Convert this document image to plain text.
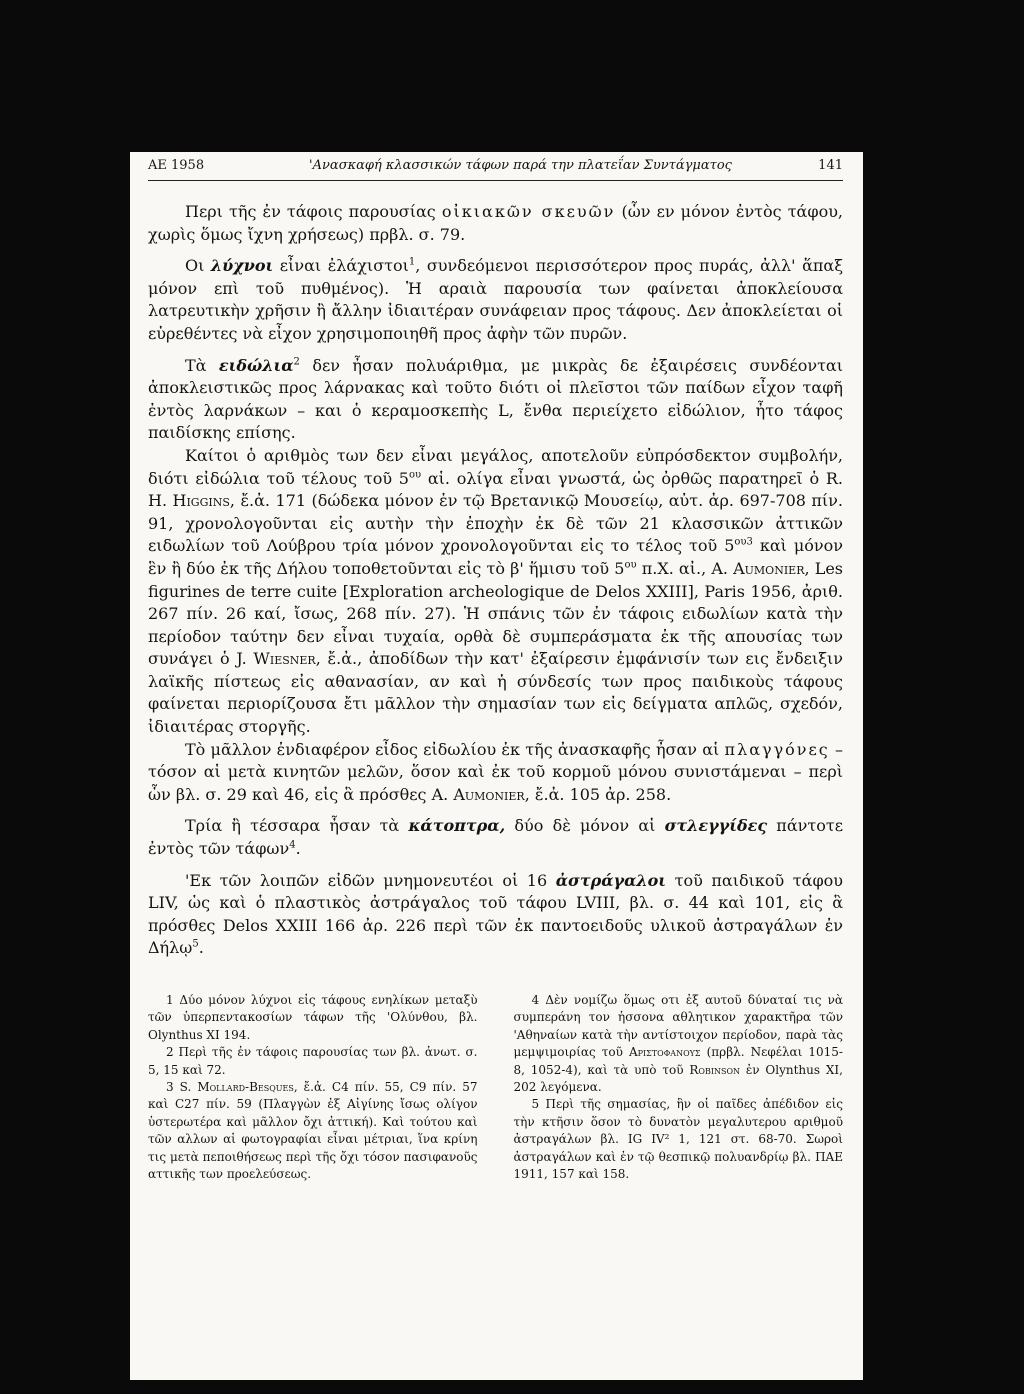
ΑΕ 1958	'Ανασκαφή κλασσικών τάφων παρά την πλατεΐαν Συντάγματος	141

Περι τῆς ἐν τάφοις παρουσίας οἰκιακῶν σκευῶν (ὧν εν μόνον ἐντὸς τάφου, χωρὶς ὅμως ἴχνη χρήσεως) πρβλ. σ. 79.

Οι λύχνοι εἶναι ἐλάχιστοι$^1$, συνδεόμενοι περισσότερον προς πυράς, ἀλλ' ἅπαξ μόνον επὶ τοῦ πυθμένος). Ἡ αραιὰ παρουσία των φαίνεται ἀποκλείουσα λατρευτικὴν χρῆσιν ἢ ἄλλην ἰδιαιτέραν συνάφειαν προς τάφους. Δεν ἀποκλείεται οἱ εὑρεθέντες νὰ εἶχον χρησιμοποιηθῆ προς ἀφὴν τῶν πυρῶν.

Τὰ ειδώλια$^2$ δεν ἦσαν πολυάριθμα, με μικρὰς δε ἐξαιρέσεις συνδέονται ἀποκλειστικῶς προς λάρνακας καὶ τοῦτο διότι οἱ πλεῖστοι τῶν παίδων εἶχον ταφῆ ἐντὸς λαρνάκων – και ὁ κεραμοσκεπὴς L, ἔνθα περιείχετο εἰδώλιον, ἦτο τάφος παιδίσκης επίσης.

Καίτοι ὁ αριθμὸς των δεν εἶναι μεγάλος, αποτελοῦν εὐπρόσδεκτον συμβολήν, διότι εἰδώλια τοῦ τέλους τοῦ $5^{o\upsilon}$ αἱ. ολίγα εἶναι γνωστά, ὡς ὀρθῶς παρατηρεῖ ὁ R. H. Higgins, ἔ.ἀ. 171 (δώδεκα μόνον ἐν τῷ Βρετανικῷ Μουσείῳ, αὐτ. ἀρ. 697-708 πίν. 91, χρονολογοῦνται εἰς αυτὴν τὴν ἐποχὴν ἐκ δὲ τῶν 21 κλασσικῶν ἀττικῶν ειδωλίων τοῦ Λούβρου τρία μόνον χρονολογοῦνται εἰς το τέλος τοῦ $5^{o\upsilon 3}$ καὶ μόνον ἓν ἢ δύο ἐκ τῆς Δήλου τοποθετοῦνται εἰς τὸ β' ἥμισυ τοῦ $5^{o\upsilon}$ π.Χ. αἰ., A. Aumonier, Les figurines de terre cuite [Exploration archeologique de Delos XXIII], Paris 1956, ἀριθ. 267 πίν. 26 καί, ἴσως, 268 πίν. 27). Ἡ σπάνις τῶν ἐν τάφοις ειδωλίων κατὰ τὴν περίοδον ταύτην δεν εἶναι τυχαία, ορθὰ δὲ συμπεράσματα ἐκ τῆς απουσίας των συνάγει ὁ J. Wiesner, ἔ.ἀ., ἀποδίδων τὴν κατ' ἐξαίρεσιν ἐμφάνισίν των εις ἔνδειξιν λαϊκῆς πίστεως εἰς αθανασίαν, αν καὶ ἡ σύνδεσίς των προς παιδικοὺς τάφους φαίνεται περιορίζουσα ἔτι μᾶλλον τὴν σημασίαν των εἰς δείγματα απλῶς, σχεδόν, ἰδιαιτέρας στοργῆς.

Τὸ μᾶλλον ἐνδιαφέρον εἶδος εἰδωλίου ἐκ τῆς ἀνασκαφῆς ἦσαν αἱ πλαγγόνες – τόσον αἱ μετὰ κινητῶν μελῶν, ὅσον καὶ ἐκ τοῦ κορμοῦ μόνου συνιστάμεναι – περὶ ὧν βλ. σ. 29 καὶ 46, εἰς ἃ πρόσθες A. Aumonier, ἔ.ἀ. 105 ἀρ. 258.

Τρία ἢ τέσσαρα ἦσαν τὰ κάτοπτρα, δύο δὲ μόνον αἱ στλεγγίδες πάντοτε ἐντὸς τῶν τάφων$^4$.

'Εκ τῶν λοιπῶν εἰδῶν μνημονευτέοι οἱ 16 ἀστράγαλοι τοῦ παιδικοῦ τάφου LIV, ὡς καὶ ὁ πλαστικὸς ἀστράγαλος τοῦ τάφου LVIII, βλ. σ. 44 καὶ 101, εἰς ἃ πρόσθες Delos XXIII 166 ἀρ. 226 περὶ τῶν ἐκ παντοειδοῦς υλικοῦ ἀστραγάλων ἐν Δήλῳ$^5$.

1 Δύο μόνον λύχνοι εἰς τάφους ενηλίκων μεταξὺ τῶν ὑπερπεντακοσίων τάφων τῆς 'Ολύνθου, βλ. Olynthus XI 194.

2 Περὶ τῆς ἐν τάφοις παρουσίας των βλ. ἀνωτ. σ. 5, 15 καὶ 72.

3 S. Mollard-Besques, ἔ.ἀ. C4 πίν. 55, C9 πίν. 57 καὶ C27 πίν. 59 (Πλαγγὼν ἐξ Αἰγίνης ἴσως ολίγον ὑστερωτέρα καὶ μᾶλλον ὄχι ἀττική). Καὶ τούτου καὶ τῶν αλλων αἱ φωτογραφίαι εἶναι μέτριαι, ἵνα κρίνη τις μετὰ πεποιθήσεως περὶ τῆς ὄχι τόσον πασιφανοῦς αττικῆς των προελεύσεως.

4 Δὲν νομίζω ὅμως οτι ἐξ αυτοῦ δύναταί τις νὰ συμπεράνη τον ἡσσονα αθλητικον χαρακτῆρα τῶν 'Αθηναίων κατὰ τὴν αντίστοιχον περίοδον, παρὰ τὰς μεμψιμοιρίας τοῦ Αριστοφανους (πρβλ. Νεφέλαι 1015-8, 1052-4), καὶ τὰ υπὸ τοῦ Robinson ἐν Olynthus XI, 202 λεγόμενα.

5 Περὶ τῆς σημασίας, ἣν οἱ παῖδες ἀπέδιδον εἰς τὴν κτῆσιν ὅσον τὸ δυνατὸν μεγαλυτερου αριθμοῦ ἀστραγάλων βλ. IG IV² 1, 121 στ. 68-70. Σωροὶ ἀστραγάλων καὶ ἐν τῷ θεσπικῷ πολυανδρίῳ βλ. ΠΑΕ 1911, 157 καὶ 158.
